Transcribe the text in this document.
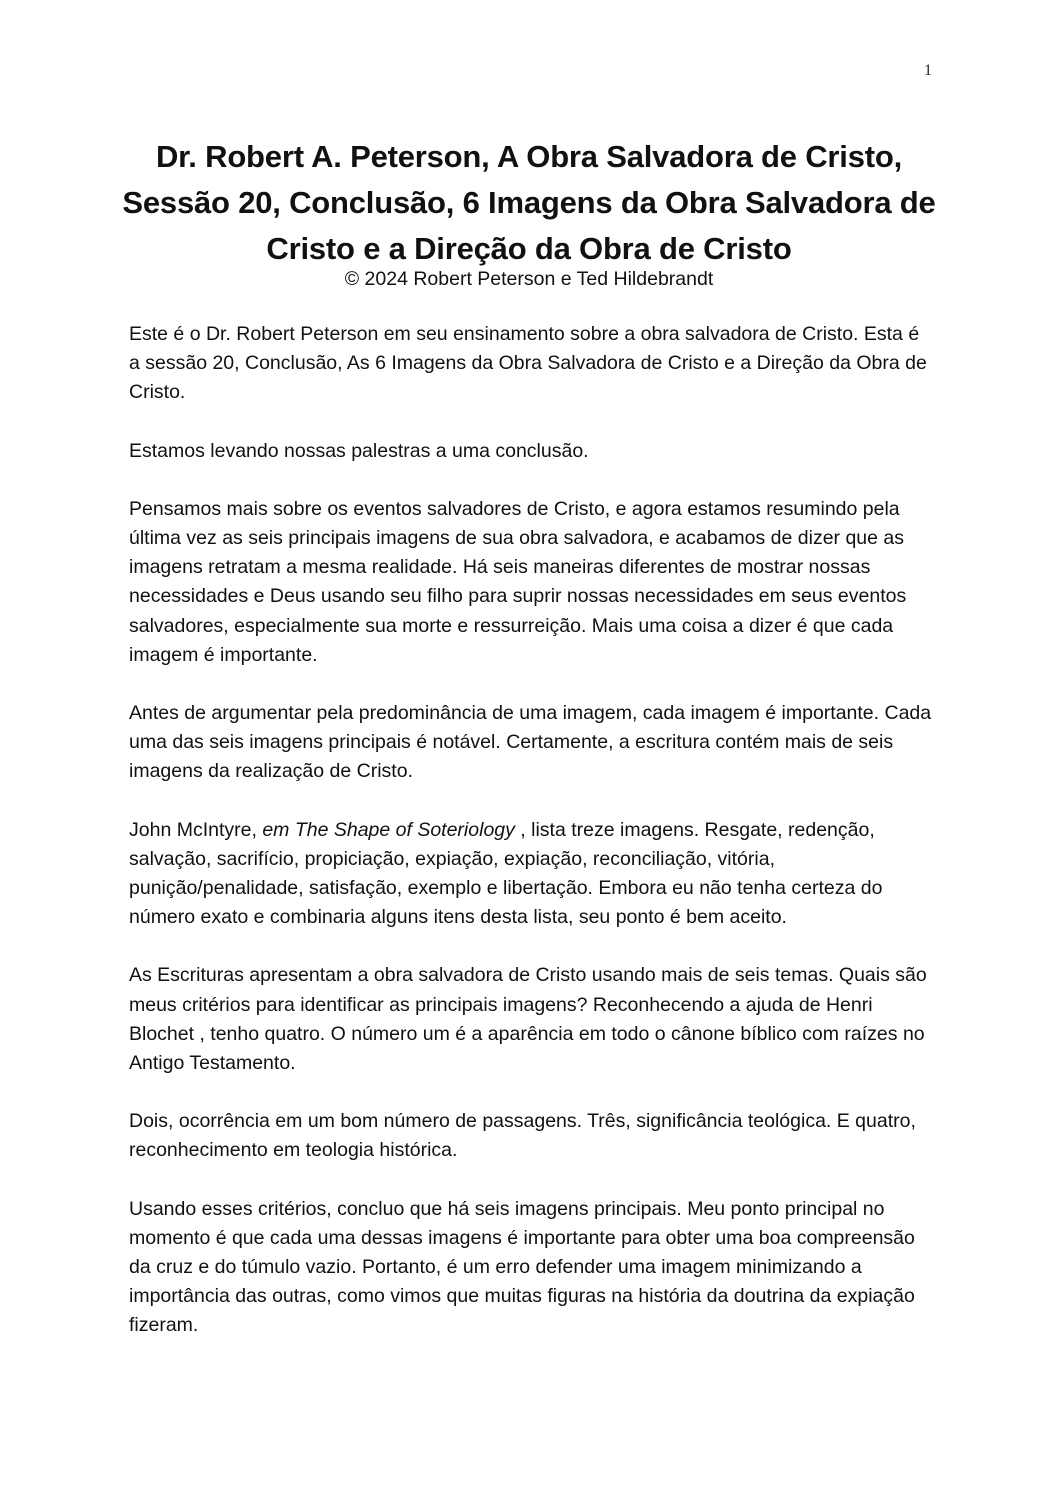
1
Dr. Robert A. Peterson, A Obra Salvadora de Cristo, Sessão 20, Conclusão, 6 Imagens da Obra Salvadora de Cristo e a Direção da Obra de Cristo
© 2024 Robert Peterson e Ted Hildebrandt

Este é o Dr. Robert Peterson em seu ensinamento sobre a obra salvadora de Cristo. Esta é a sessão 20, Conclusão, As 6 Imagens da Obra Salvadora de Cristo e a Direção da Obra de Cristo.

Estamos levando nossas palestras a uma conclusão.

Pensamos mais sobre os eventos salvadores de Cristo, e agora estamos resumindo pela última vez as seis principais imagens de sua obra salvadora, e acabamos de dizer que as imagens retratam a mesma realidade. Há seis maneiras diferentes de mostrar nossas necessidades e Deus usando seu filho para suprir nossas necessidades em seus eventos salvadores, especialmente sua morte e ressurreição. Mais uma coisa a dizer é que cada imagem é importante.

Antes de argumentar pela predominância de uma imagem, cada imagem é importante. Cada uma das seis imagens principais é notável. Certamente, a escritura contém mais de seis imagens da realização de Cristo.

John McIntyre, em The Shape of Soteriology , lista treze imagens. Resgate, redenção, salvação, sacrifício, propiciação, expiação, expiação, reconciliação, vitória, punição/penalidade, satisfação, exemplo e libertação. Embora eu não tenha certeza do número exato e combinaria alguns itens desta lista, seu ponto é bem aceito.

As Escrituras apresentam a obra salvadora de Cristo usando mais de seis temas. Quais são meus critérios para identificar as principais imagens? Reconhecendo a ajuda de Henri Blochet , tenho quatro. O número um é a aparência em todo o cânone bíblico com raízes no Antigo Testamento.

Dois, ocorrência em um bom número de passagens. Três, significância teológica. E quatro, reconhecimento em teologia histórica.

Usando esses critérios, concluo que há seis imagens principais. Meu ponto principal no momento é que cada uma dessas imagens é importante para obter uma boa compreensão da cruz e do túmulo vazio. Portanto, é um erro defender uma imagem minimizando a importância das outras, como vimos que muitas figuras na história da doutrina da expiação fizeram.
